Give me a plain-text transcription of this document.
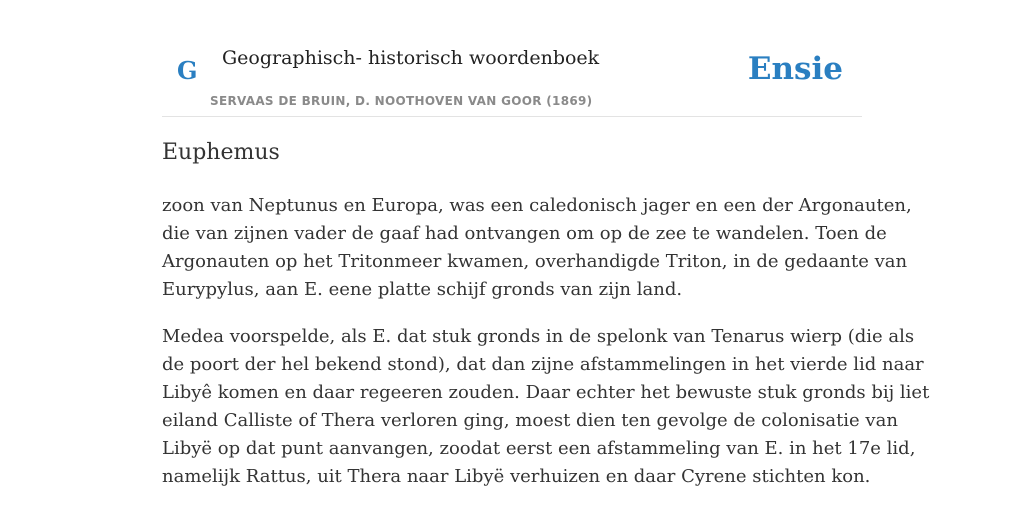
G Geographisch- historisch woordenboek
SERVAAS DE BRUIN, D. NOOTHOVEN VAN GOOR (1869)
Ensie
Euphemus

zoon van Neptunus en Europa, was een caledonisch jager en een der Argonauten,
die van zijnen vader de gaaf had ontvangen om op de zee te wandelen. Toen de
Argonauten op het Tritonmeer kwamen, overhandigde Triton, in de gedaante van
Eurypylus, aan E. eene platte schijf gronds van zijn land.

Medea voorspelde, als E. dat stuk gronds in de spelonk van Tenarus wierp (die als
de poort der hel bekend stond), dat dan zijne afstammelingen in het vierde lid naar
Libyê komen en daar regeeren zouden. Daar echter het bewuste stuk gronds bij liet
eiland Calliste of Thera verloren ging, moest dien ten gevolge de colonisatie van
Libyë op dat punt aanvangen, zoodat eerst een afstammeling van E. in het 17e lid,
namelijk Rattus, uit Thera naar Libyë verhuizen en daar Cyrene stichten kon.
